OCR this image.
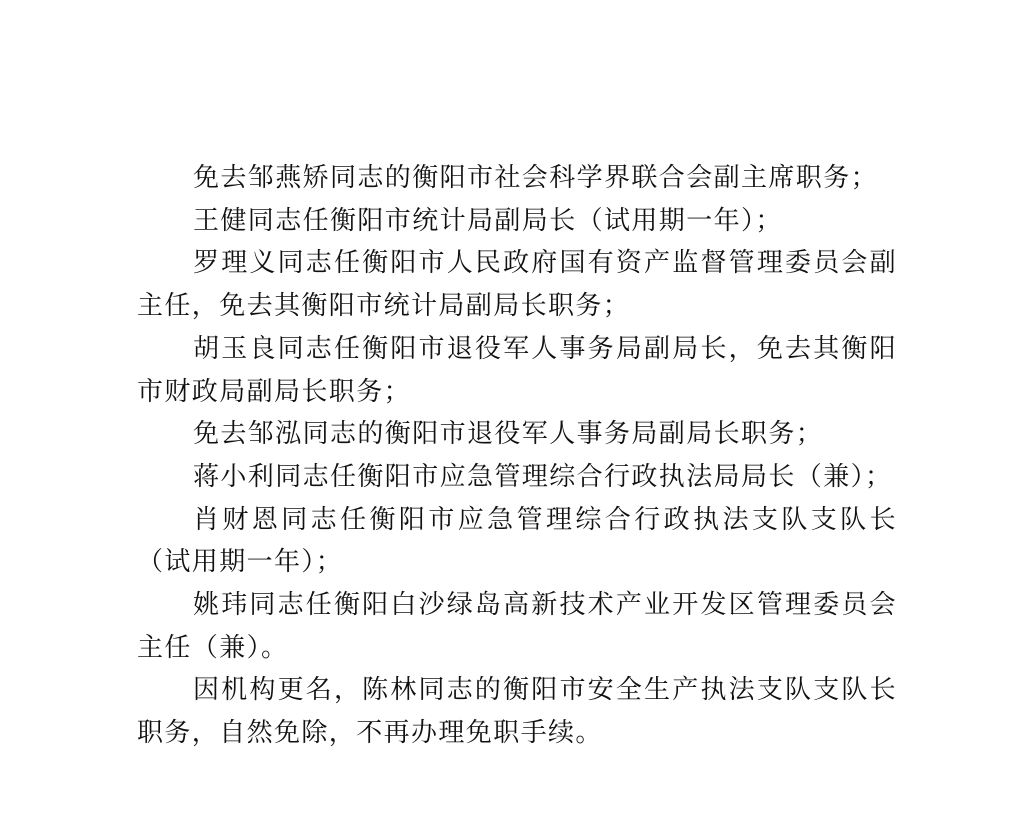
免去邹燕矫同志的衡阳市社会科学界联合会副主席职务；

王健同志任衡阳市统计局副局长（试用期一年）；

罗理义同志任衡阳市人民政府国有资产监督管理委员会副主任，免去其衡阳市统计局副局长职务；

胡玉良同志任衡阳市退役军人事务局副局长，免去其衡阳市财政局副局长职务；

免去邹泓同志的衡阳市退役军人事务局副局长职务；

蒋小利同志任衡阳市应急管理综合行政执法局局长（兼）；

肖财恩同志任衡阳市应急管理综合行政执法支队支队长（试用期一年）；

姚玮同志任衡阳白沙绿岛高新技术产业开发区管理委员会主任（兼）。

因机构更名，陈林同志的衡阳市安全生产执法支队支队长职务，自然免除，不再办理免职手续。
